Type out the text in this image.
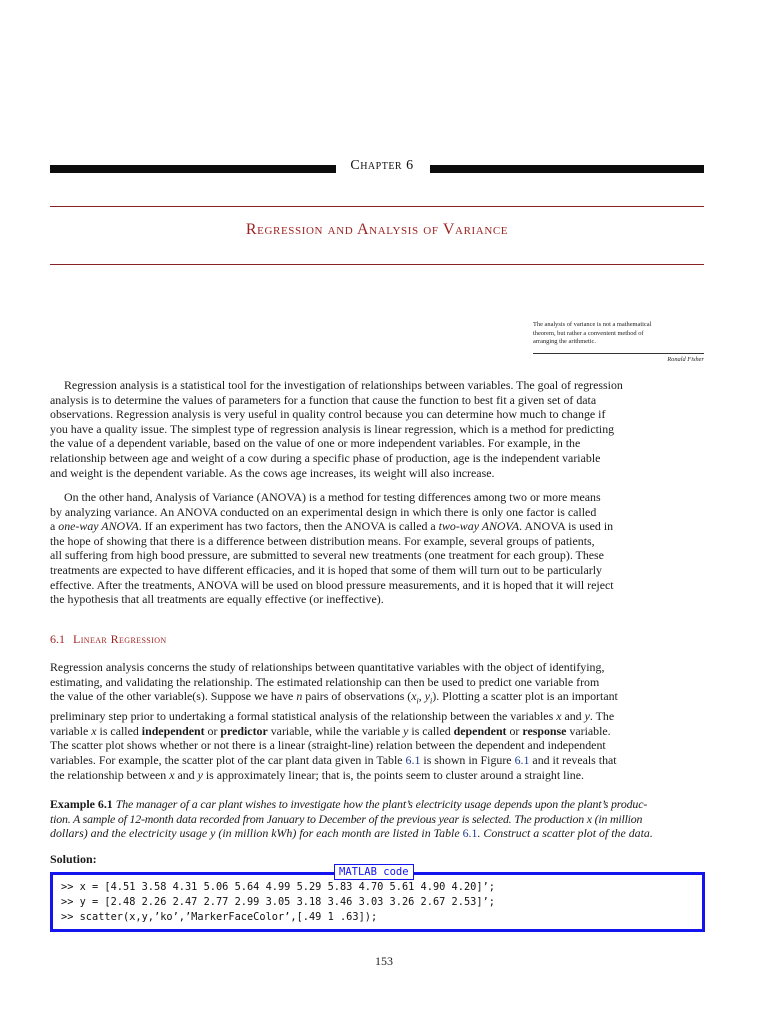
Chapter 6
Regression and Analysis of Variance
The analysis of variance is not a mathematical
theorem, but rather a convenient method of
arranging the arithmetic.
Ronald Fisher
Regression analysis is a statistical tool for the investigation of relationships between variables. The goal of regression
analysis is to determine the values of parameters for a function that cause the function to best fit a given set of data
observations. Regression analysis is very useful in quality control because you can determine how much to change if
you have a quality issue. The simplest type of regression analysis is linear regression, which is a method for predicting
the value of a dependent variable, based on the value of one or more independent variables. For example, in the
relationship between age and weight of a cow during a specific phase of production, age is the independent variable
and weight is the dependent variable. As the cows age increases, its weight will also increase.
On the other hand, Analysis of Variance (ANOVA) is a method for testing differences among two or more means
by analyzing variance. An ANOVA conducted on an experimental design in which there is only one factor is called
a one-way ANOVA. If an experiment has two factors, then the ANOVA is called a two-way ANOVA. ANOVA is used in
the hope of showing that there is a difference between distribution means. For example, several groups of patients,
all suffering from high bood pressure, are submitted to several new treatments (one treatment for each group). These
treatments are expected to have different efficacies, and it is hoped that some of them will turn out to be particularly
effective. After the treatments, ANOVA will be used on blood pressure measurements, and it is hoped that it will reject
the hypothesis that all treatments are equally effective (or ineffective).
6.1 Linear Regression
Regression analysis concerns the study of relationships between quantitative variables with the object of identifying,
estimating, and validating the relationship. The estimated relationship can then be used to predict one variable from
the value of the other variable(s). Suppose we have n pairs of observations ($x_i$, $y_i$). Plotting a scatter plot is an important
preliminary step prior to undertaking a formal statistical analysis of the relationship between the variables x and y. The
variable x is called independent or predictor variable, while the variable y is called dependent or response variable.
The scatter plot shows whether or not there is a linear (straight-line) relation between the dependent and independent
variables. For example, the scatter plot of the car plant data given in Table 6.1 is shown in Figure 6.1 and it reveals that
the relationship between x and y is approximately linear; that is, the points seem to cluster around a straight line.
Example 6.1 The manager of a car plant wishes to investigate how the plant’s electricity usage depends upon the plant’s produc-
tion. A sample of 12-month data recorded from January to December of the previous year is selected. The production x (in million
dollars) and the electricity usage y (in million kWh) for each month are listed in Table 6.1. Construct a scatter plot of the data.
Solution:
>> x = [4.51 3.58 4.31 5.06 5.64 4.99 5.29 5.83 4.70 5.61 4.90 4.20]’;
>> y = [2.48 2.26 2.47 2.77 2.99 3.05 3.18 3.46 3.03 3.26 2.67 2.53]’;
>> scatter(x,y,’ko’,’MarkerFaceColor’,[.49 1 .63]);
MATLAB code
153
